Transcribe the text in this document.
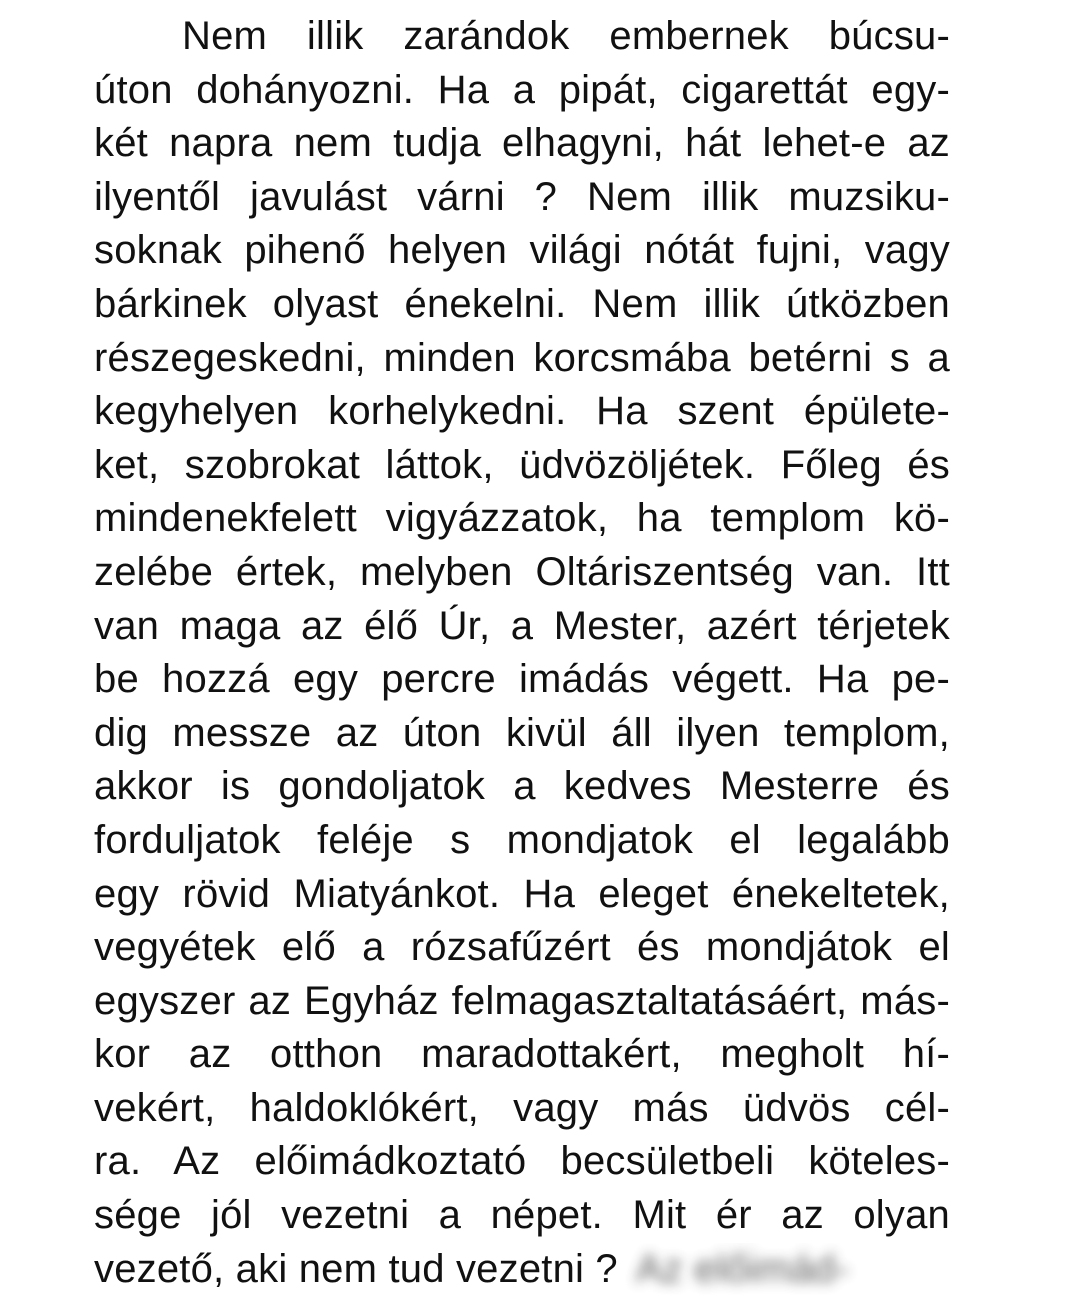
Nem illik zarándok embernek búcsu-
úton dohányozni. Ha a pipát, cigarettát egy-
két napra nem tudja elhagyni, hát lehet-e az
ilyentől javulást várni ? Nem illik muzsiku-
soknak pihenő helyen világi nótát fujni, vagy
bárkinek olyast énekelni. Nem illik útközben
részegeskedni, minden korcsmába betérni s a
kegyhelyen korhelykedni. Ha szent épülete-
ket, szobrokat láttok, üdvözöljétek. Főleg és
mindenekfelett vigyázzatok, ha templom kö-
zelébe értek, melyben Oltáriszentség van. Itt
van maga az élő Úr, a Mester, azért térjetek
be hozzá egy percre imádás végett. Ha pe-
dig messze az úton kivül áll ilyen templom,
akkor is gondoljatok a kedves Mesterre és
forduljatok feléje s mondjatok el legalább
egy rövid Miatyánkot. Ha eleget énekeltetek,
vegyétek elő a rózsafűzért és mondjátok el
egyszer az Egyház felmagasztaltatásáért, más-
kor az otthon maradottakért, megholt hí-
vekért, haldoklókért, vagy más üdvös cél-
ra. Az előimádkoztató becsületbeli köteles-
sége jól vezetni a népet. Mit ér az olyan
vezető, aki nem tud vezetni ? Az előimád-
